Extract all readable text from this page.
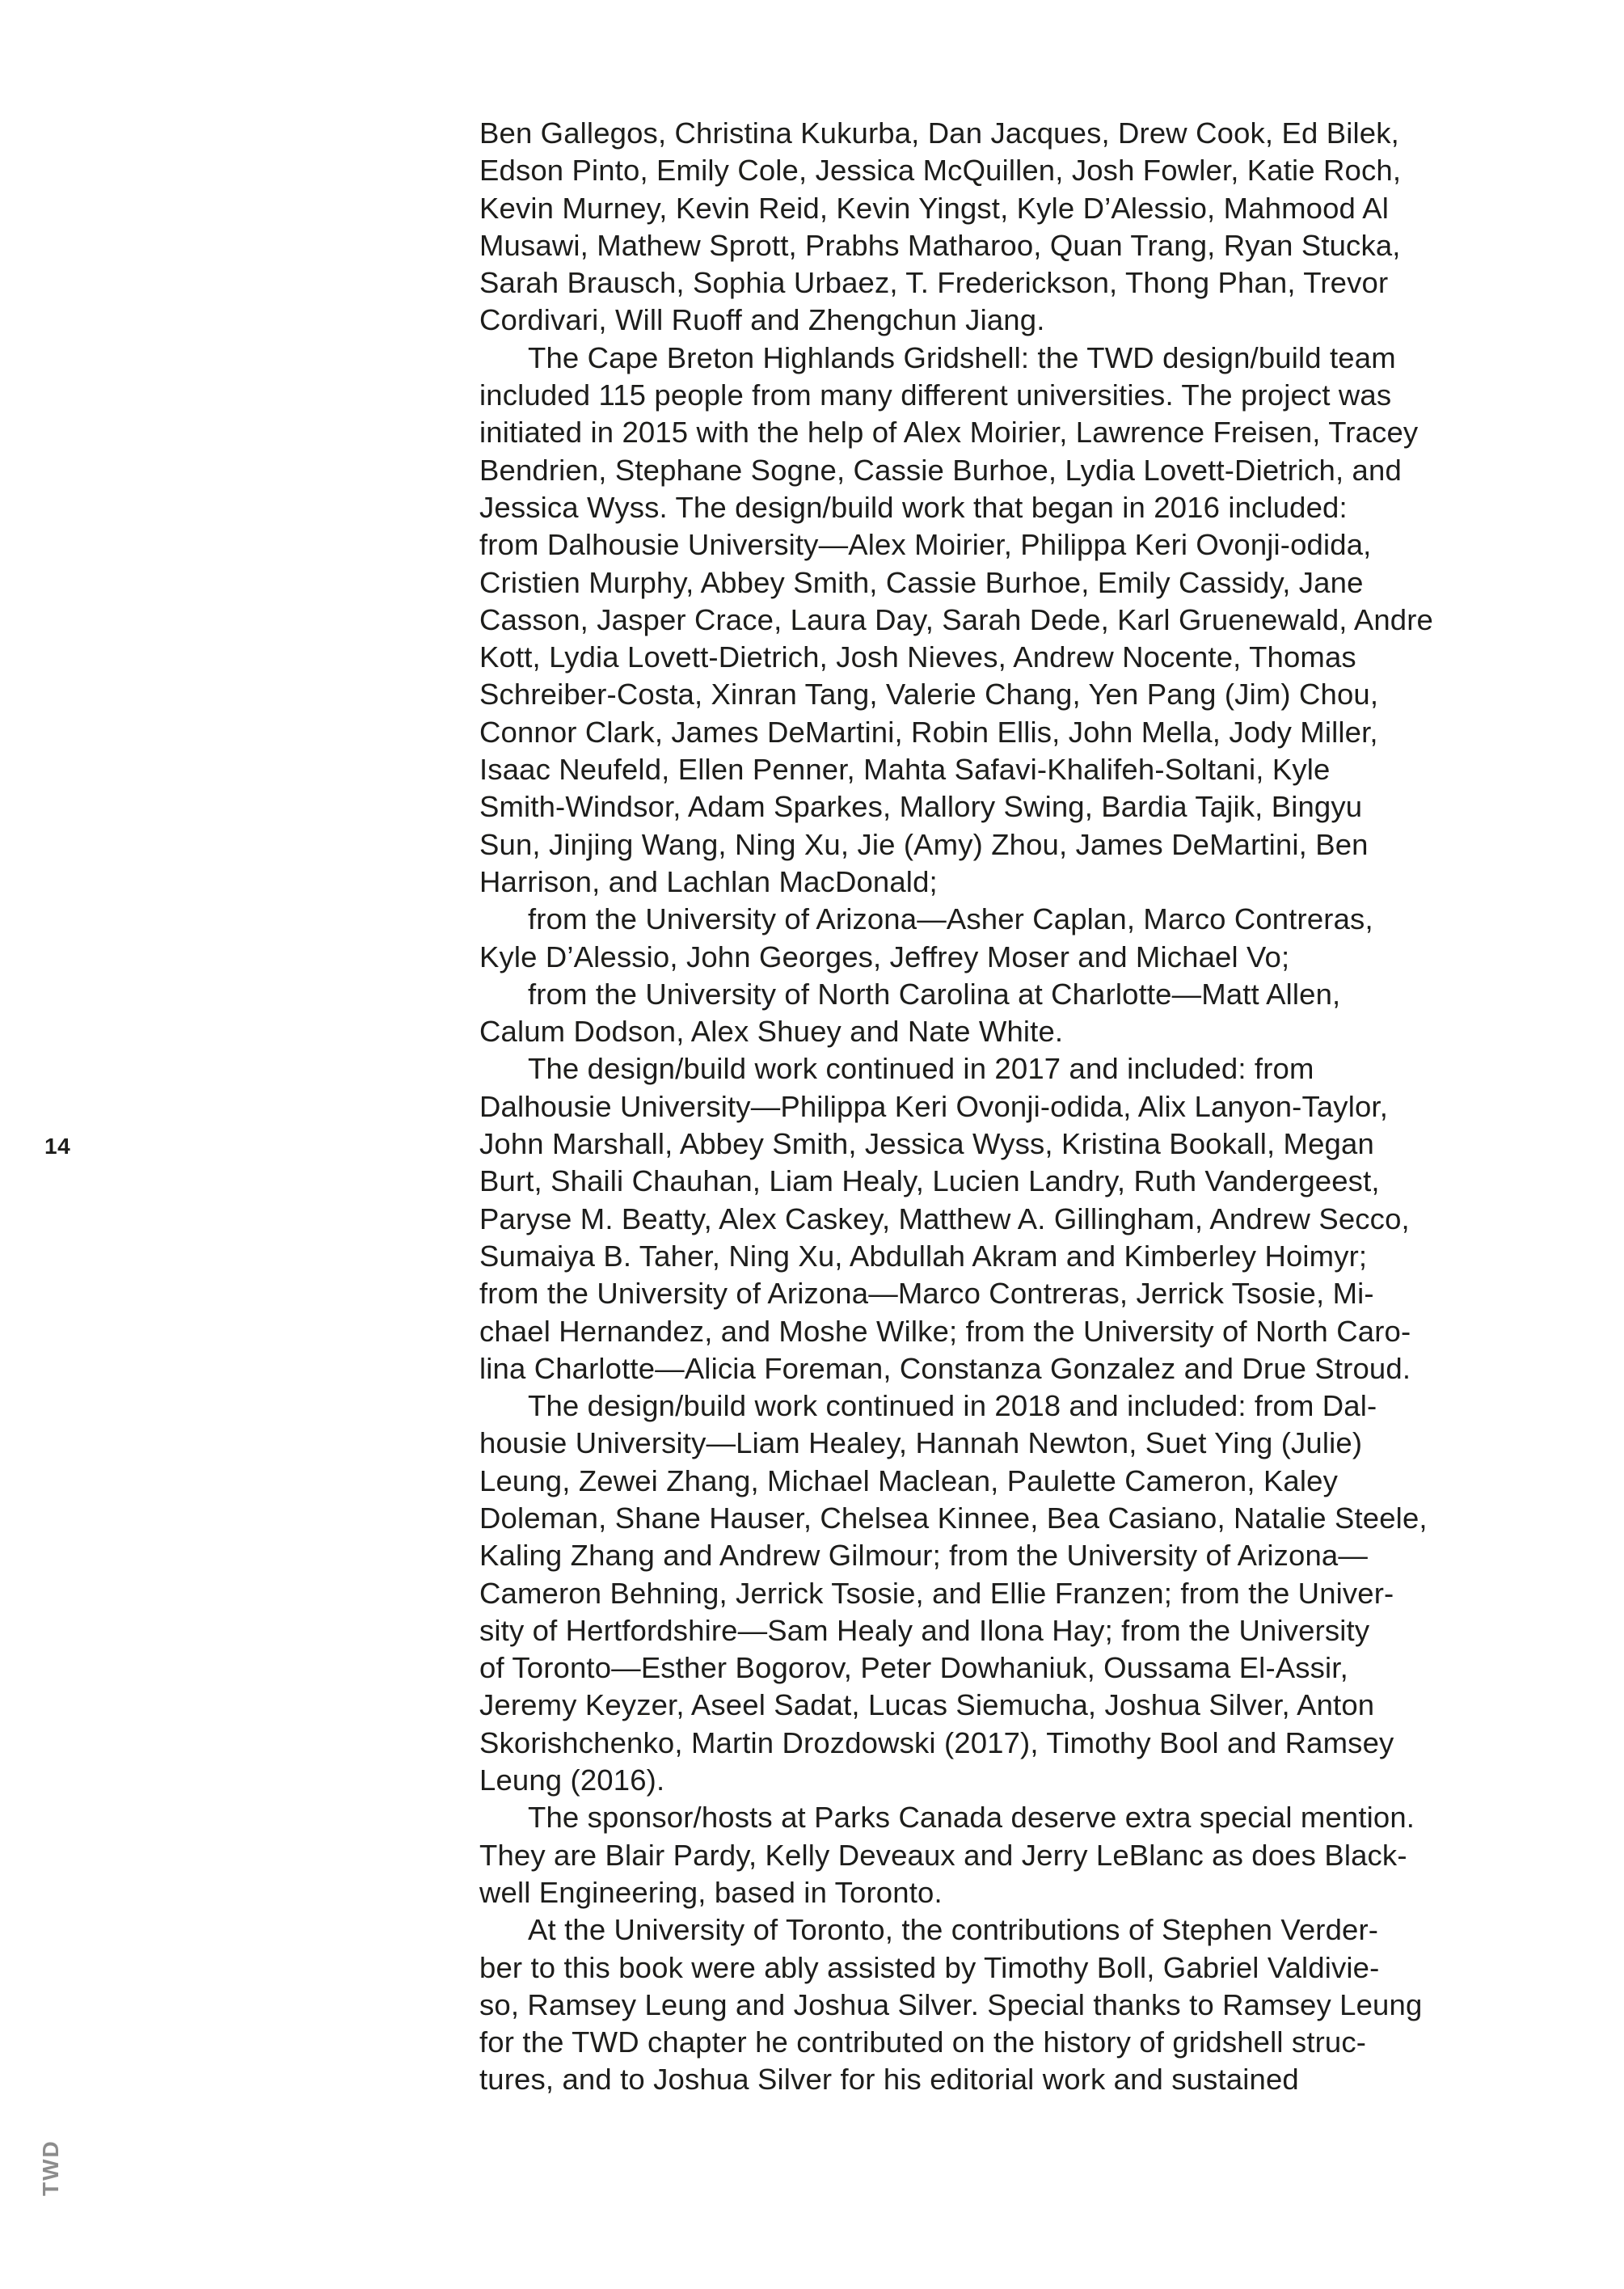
14
TWD
Ben Gallegos, Christina Kukurba, Dan Jacques, Drew Cook, Ed Bilek,
Edson Pinto, Emily Cole, Jessica McQuillen, Josh Fowler, Katie Roch,
Kevin Murney, Kevin Reid, Kevin Yingst, Kyle D’Alessio, Mahmood Al
Musawi, Mathew Sprott, Prabhs Matharoo, Quan Trang, Ryan Stucka,
Sarah Brausch, Sophia Urbaez, T. Frederickson, Thong Phan, Trevor
Cordivari, Will Ruoff and Zhengchun Jiang.
The Cape Breton Highlands Gridshell: the TWD design/build team
included 115 people from many different universities. The project was
initiated in 2015 with the help of Alex Moirier, Lawrence Freisen, Tracey
Bendrien, Stephane Sogne, Cassie Burhoe, Lydia Lovett-Dietrich, and
Jessica Wyss. The design/build work that began in 2016 included:
from Dalhousie University—Alex Moirier, Philippa Keri Ovonji-odida,
Cristien Murphy, Abbey Smith, Cassie Burhoe, Emily Cassidy, Jane
Casson, Jasper Crace, Laura Day, Sarah Dede, Karl Gruenewald, Andre
Kott, Lydia Lovett-Dietrich, Josh Nieves, Andrew Nocente, Thomas
Schreiber-Costa, Xinran Tang, Valerie Chang, Yen Pang (Jim) Chou,
Connor Clark, James DeMartini, Robin Ellis, John Mella, Jody Miller,
Isaac Neufeld, Ellen Penner, Mahta Safavi-Khalifeh-Soltani, Kyle
Smith-Windsor, Adam Sparkes, Mallory Swing, Bardia Tajik, Bingyu
Sun, Jinjing Wang, Ning Xu, Jie (Amy) Zhou, James DeMartini, Ben
Harrison, and Lachlan MacDonald;
from the University of Arizona—Asher Caplan, Marco Contreras,
Kyle D’Alessio, John Georges, Jeffrey Moser and Michael Vo;
from the University of North Carolina at Charlotte—Matt Allen,
Calum Dodson, Alex Shuey and Nate White.
The design/build work continued in 2017 and included: from
Dalhousie University—Philippa Keri Ovonji-odida, Alix Lanyon-Taylor,
John Marshall, Abbey Smith, Jessica Wyss, Kristina Bookall, Megan
Burt, Shaili Chauhan, Liam Healy, Lucien Landry, Ruth Vandergeest,
Paryse M. Beatty, Alex Caskey, Matthew A. Gillingham, Andrew Secco,
Sumaiya B. Taher, Ning Xu, Abdullah Akram and Kimberley Hoimyr;
from the University of Arizona—Marco Contreras, Jerrick Tsosie, Mi-
chael Hernandez, and Moshe Wilke; from the University of North Caro-
lina Charlotte—Alicia Foreman, Constanza Gonzalez and Drue Stroud.
The design/build work continued in 2018 and included: from Dal-
housie University—Liam Healey, Hannah Newton, Suet Ying (Julie)
Leung, Zewei Zhang, Michael Maclean, Paulette Cameron, Kaley
Doleman, Shane Hauser, Chelsea Kinnee, Bea Casiano, Natalie Steele,
Kaling Zhang and Andrew Gilmour; from the University of Arizona—
Cameron Behning, Jerrick Tsosie, and Ellie Franzen; from the Univer-
sity of Hertfordshire—Sam Healy and Ilona Hay; from the University
of Toronto—Esther Bogorov, Peter Dowhaniuk, Oussama El-Assir,
Jeremy Keyzer, Aseel Sadat, Lucas Siemucha, Joshua Silver, Anton
Skorishchenko, Martin Drozdowski (2017), Timothy Bool and Ramsey
Leung (2016).
The sponsor/hosts at Parks Canada deserve extra special mention.
They are Blair Pardy, Kelly Deveaux and Jerry LeBlanc as does Black-
well Engineering, based in Toronto.
At the University of Toronto, the contributions of Stephen Verder-
ber to this book were ably assisted by Timothy Boll, Gabriel Valdivie-
so, Ramsey Leung and Joshua Silver. Special thanks to Ramsey Leung
for the TWD chapter he contributed on the history of gridshell struc-
tures, and to Joshua Silver for his editorial work and sustained
